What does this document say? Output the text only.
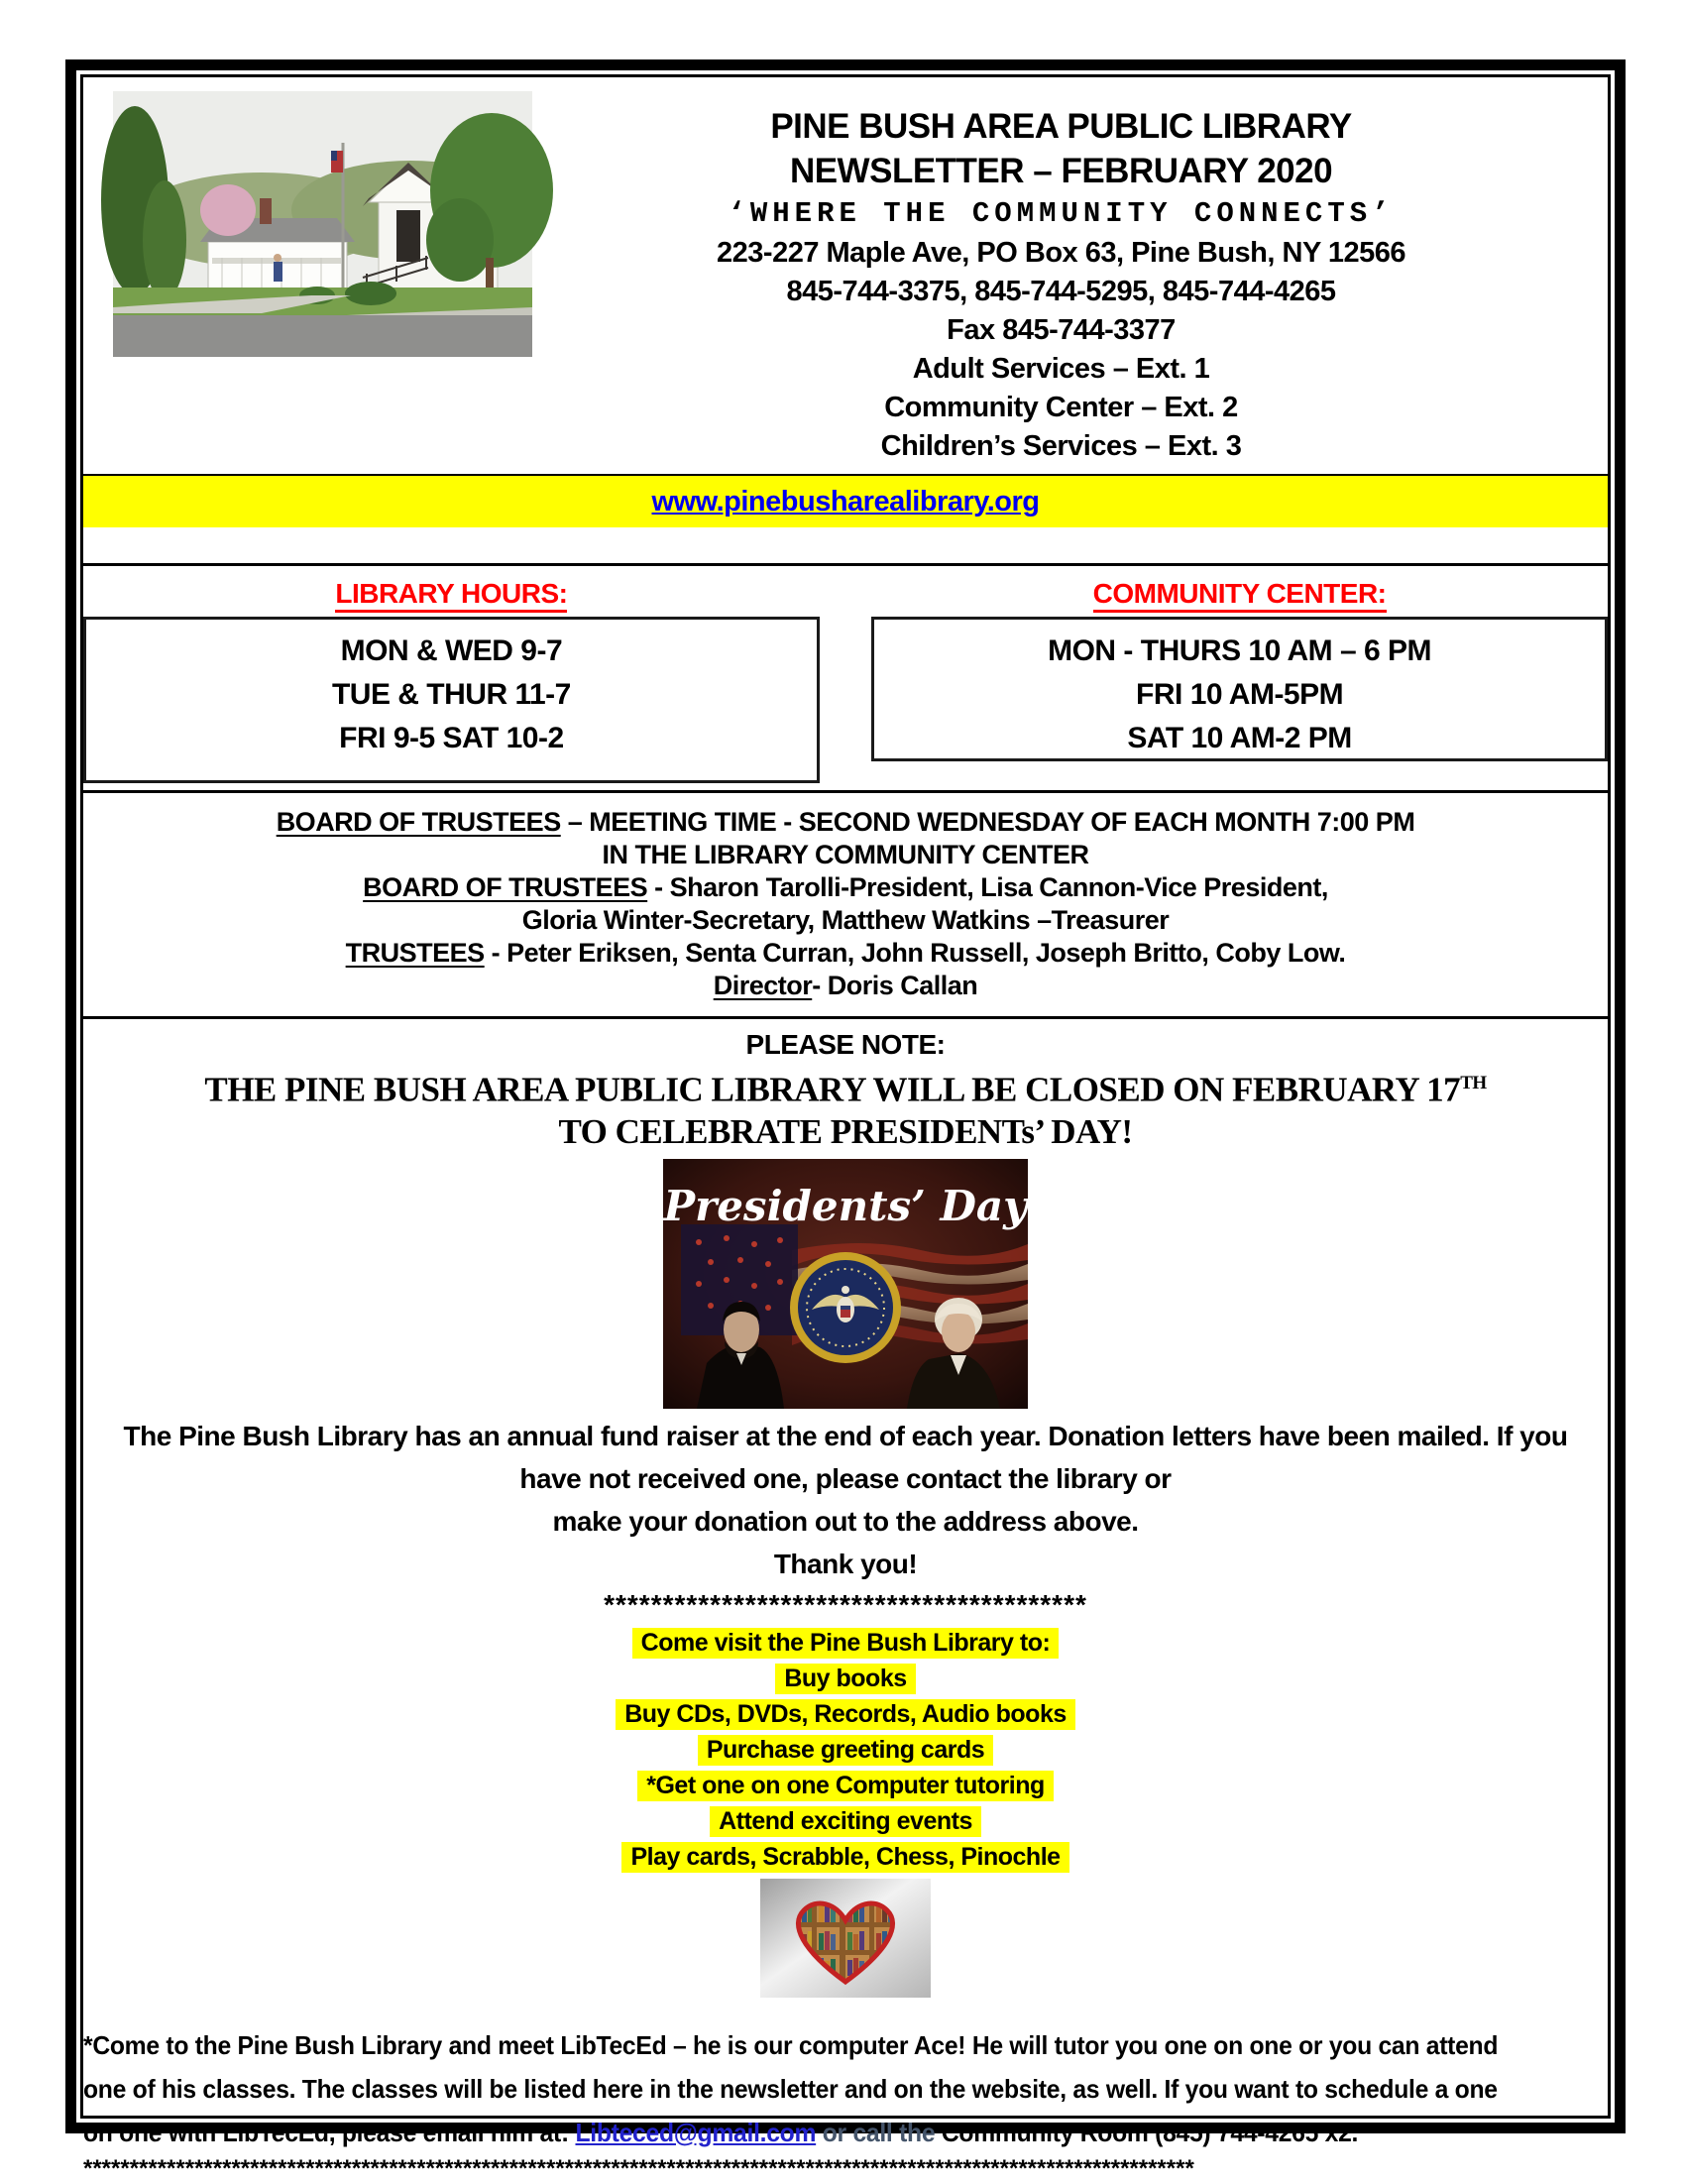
PINE BUSH AREA PUBLIC LIBRARY
NEWSLETTER – FEBRUARY 2020
‘WHERE THE COMMUNITY CONNECTS’
223-227 Maple Ave, PO Box 63, Pine Bush, NY 12566
845-744-3375, 845-744-5295, 845-744-4265
Fax 845-744-3377
Adult Services – Ext. 1
Community Center – Ext. 2
Children’s Services – Ext. 3
www.pinebusharealibrary.org
LIBRARY HOURS:
MON & WED 9-7
TUE & THUR 11-7
FRI 9-5 SAT 10-2
COMMUNITY CENTER:
MON - THURS 10 AM – 6 PM
FRI 10 AM-5PM
SAT 10 AM-2 PM
BOARD OF TRUSTEES – MEETING TIME - SECOND WEDNESDAY OF EACH MONTH 7:00 PM
IN THE LIBRARY COMMUNITY CENTER
BOARD OF TRUSTEES - Sharon Tarolli-President, Lisa Cannon-Vice President,
Gloria Winter-Secretary, Matthew Watkins –Treasurer
TRUSTEES - Peter Eriksen, Senta Curran, John Russell, Joseph Britto, Coby Low.
Director- Doris Callan
PLEASE NOTE:
THE PINE BUSH AREA PUBLIC LIBRARY WILL BE CLOSED ON FEBRUARY 17TH
TO CELEBRATE PRESIDENTs’ DAY!
Presidents’ Day
The Pine Bush Library has an annual fund raiser at the end of each year. Donation letters have been mailed. If you
have not received one, please contact the library or
make your donation out to the address above.
Thank you!
*****************************************
Come visit the Pine Bush Library to:
Buy books
Buy CDs, DVDs, Records, Audio books
Purchase greeting cards
*Get one on one Computer tutoring
Attend exciting events
Play cards, Scrabble, Chess, Pinochle
*Come to the Pine Bush Library and meet LibTecEd – he is our computer Ace! He will tutor you one on one or you can attend
one of his classes. The classes will be listed here in the newsletter and on the website, as well. If you want to schedule a one
on one with LibTecEd, please email him at: Libteced@gmail.com or call the Community Room (845) 744-4265 x2.
************************************************************************************************************************
